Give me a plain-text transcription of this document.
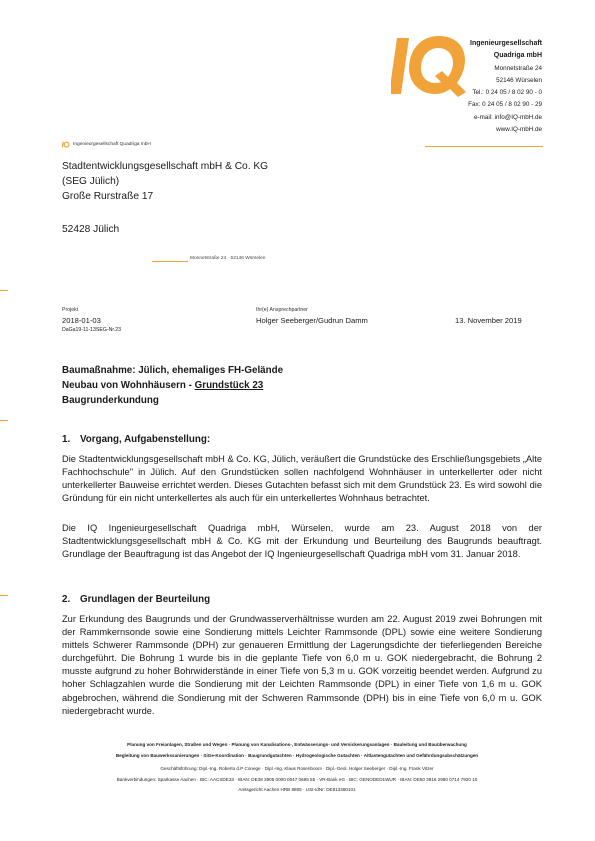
Ingenieurgesellschaft
Quadriga mbH
Monnetstraße 24
52146 Würselen
Tel.: 0 24 05 / 8 02 90 - 0
Fax: 0 24 05 / 8 02 90 - 29
e-mail: info@IQ-mbH.de
www.IQ-mbH.de
Ingenieurgesellschaft Quadriga mbH
Stadtentwicklungsgesellschaft mbH & Co. KG
(SEG Jülich)
Große Rurstraße 17
52428 Jülich
Monnetstraße 24 · 52146 Würselen
Projekt
2018-01-03
DaGa19-11-13SEG-Nr.23
Ihr(e) Ansprechpartner
Holger Seeberger/Gudrun Damm	13. November 2019
Baumaßnahme: Jülich, ehemaliges FH-Gelände
Neubau von Wohnhäusern - Grundstück 23
Baugrunderkundung
1. Vorgang, Aufgabenstellung:
Die Stadtentwicklungsgesellschaft mbH & Co. KG, Jülich, veräußert die Grundstücke des Erschließungsgebiets „Alte Fachhochschule" in Jülich. Auf den Grundstücken sollen nachfolgend Wohnhäuser in unterkellerter oder nicht unterkellerter Bauweise errichtet werden. Dieses Gutachten befasst sich mit dem Grundstück 23. Es wird sowohl die Gründung für ein nicht unterkellertes als auch für ein unterkellertes Wohnhaus betrachtet.
Die IQ Ingenieurgesellschaft Quadriga mbH, Würselen, wurde am 23. August 2018 von der Stadtentwicklungsgesellschaft mbH & Co. KG mit der Erkundung und Beurteilung des Baugrunds beauftragt. Grundlage der Beauftragung ist das Angebot der IQ Ingenieurgesellschaft Quadriga mbH vom 31. Januar 2018.
2. Grundlagen der Beurteilung
Zur Erkundung des Baugrunds und der Grundwasserverhältnisse wurden am 22. August 2019 zwei Bohrungen mit der Rammkernsonde sowie eine Sondierung mittels Leichter Rammsonde (DPL) sowie eine weitere Sondierung mittels Schwerer Rammsonde (DPH) zur genaueren Ermittlung der Lagerungsdichte der tieferliegenden Bereiche durchgeführt. Die Bohrung 1 wurde bis in die geplante Tiefe von 6,0 m u. GOK niedergebracht, die Bohrung 2 musste aufgrund zu hoher Bohrwiderstände in einer Tiefe von 5,3 m u. GOK vorzeitig beendet werden. Aufgrund zu hoher Schlagzahlen wurde die Sondierung mit der Leichten Rammsonde (DPL) in einer Tiefe von 1,6 m u. GOK abgebrochen, während die Sondierung mit der Schweren Rammsonde (DPH) bis in eine Tiefe von 6,0 m u. GOK niedergebracht wurde.
Planung von Freianlagen, Straßen und Wegen · Planung von Kanalisations-, Entwässerungs- und Versickerungsanlagen · Bauleitung und Bauüberwachung
Begleitung von Bauwerkssanierungen · SiGe-Koordination · Baugrundgutachten · Hydrogeologische Gutachten · Altlastengutachten und Gefährdungsabschätzungen
Geschäftsführung: Dipl.-Ing. Roberto d.P Conege · Dipl.-Ing. Klaus Rosenboom · Dipl.-Geol. Holger Seeberger · Dipl.-Ing. Frank Vitzer
Bankverbindungen: Sparkasse Aachen · BIC: AACSDE33 · IBAN: DE38 3905 0000 0047 0695 55 · VR-Bank eG · BIC: GENODED1WUR · IBAN: DE50 3916 2980 0714 7920 10
Amtsgericht Aachen HRB 8805 · USt-IdNr: DE813380101
